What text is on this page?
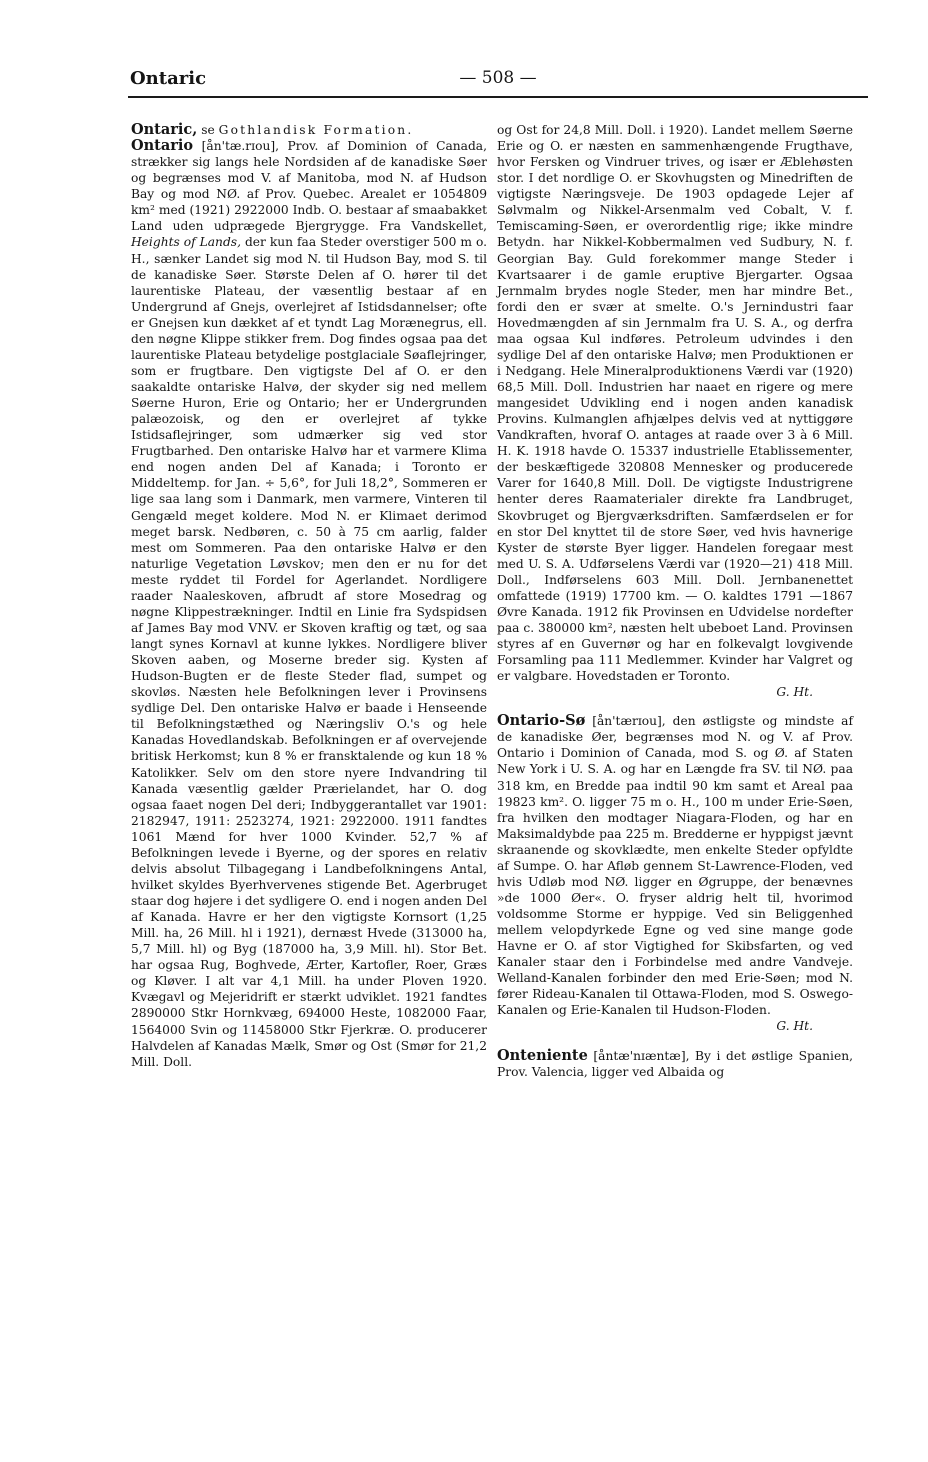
Ontaric	— 508 —

Ontaric, se Gothlandisk Formation.

Ontario [ån'tæ.rɪou], Prov. af Dominion of Canada, strækker sig langs hele Nordsiden af de kanadiske Søer og begrænses mod V. af Manitoba, mod N. af Hudson Bay og mod NØ. af Prov. Quebec. Arealet er 1054809 km² med (1921) 2922000 Indb. O. bestaar af smaabakket Land uden udprægede Bjergrygge. Fra Vandskellet, Heights of Lands, der kun faa Steder overstiger 500 m o. H., sænker Landet sig mod N. til Hudson Bay, mod S. til de kanadiske Søer. Største Delen af O. hører til det laurentiske Plateau, der væsentlig bestaar af en Undergrund af Gnejs, overlejret af Istidsdannelser; ofte er Gnejsen kun dækket af et tyndt Lag Morænegrus, ell. den nøgne Klippe stikker frem. Dog findes ogsaa paa det laurentiske Plateau betydelige postglaciale Søaflejringer, som er frugtbare. Den vigtigste Del af O. er den saakaldte ontariske Halvø, der skyder sig ned mellem Søerne Huron, Erie og Ontario; her er Undergrunden palæozoisk, og den er overlejret af tykke Istidsaflejringer, som udmærker sig ved stor Frugtbarhed. Den ontariske Halvø har et varmere Klima end nogen anden Del af Kanada; i Toronto er Middeltemp. for Jan. ÷ 5,6°, for Juli 18,2°, Sommeren er lige saa lang som i Danmark, men varmere, Vinteren til Gengæld meget koldere. Mod N. er Klimaet derimod meget barsk. Nedbøren, c. 50 à 75 cm aarlig, falder mest om Sommeren. Paa den ontariske Halvø er den naturlige Vegetation Løvskov; men den er nu for det meste ryddet til Fordel for Agerlandet. Nordligere raader Naaleskoven, afbrudt af store Mosedrag og nøgne Klippestrækninger. Indtil en Linie fra Sydspidsen af James Bay mod VNV. er Skoven kraftig og tæt, og saa langt synes Kornavl at kunne lykkes. Nordligere bliver Skoven aaben, og Moserne breder sig. Kysten af Hudson-Bugten er de fleste Steder flad, sumpet og skovløs. Næsten hele Befolkningen lever i Provinsens sydlige Del. Den ontariske Halvø er baade i Henseende til Befolkningstæthed og Næringsliv O.'s og hele Kanadas Hovedlandskab. Befolkningen er af overvejende britisk Herkomst; kun 8 % er fransktalende og kun 18 % Katolikker. Selv om den store nyere Indvandring til Kanada væsentlig gælder Prærielandet, har O. dog ogsaa faaet nogen Del deri; Indbyggerantallet var 1901: 2182947, 1911: 2523274, 1921: 2922000. 1911 fandtes 1061 Mænd for hver 1000 Kvinder. 52,7 % af Befolkningen levede i Byerne, og der spores en relativ delvis absolut Tilbagegang i Landbefolkningens Antal, hvilket skyldes Byerhvervenes stigende Bet. Agerbruget staar dog højere i det sydligere O. end i nogen anden Del af Kanada. Havre er her den vigtigste Kornsort (1,25 Mill. ha, 26 Mill. hl i 1921), dernæst Hvede (313000 ha, 5,7 Mill. hl) og Byg (187000 ha, 3,9 Mill. hl). Stor Bet. har ogsaa Rug, Boghvede, Ærter, Kartofler, Roer, Græs og Kløver. I alt var 4,1 Mill. ha under Ploven 1920. Kvægavl og Mejeridrift er stærkt udviklet. 1921 fandtes 2890000 Stkr Hornkvæg, 694000 Heste, 1082000 Faar, 1564000 Svin og 11458000 Stkr Fjerkræ. O. producerer Halvdelen af Kanadas Mælk, Smør og Ost (Smør for 21,2 Mill. Doll.

og Ost for 24,8 Mill. Doll. i 1920). Landet mellem Søerne Erie og O. er næsten en sammenhængende Frugthave, hvor Fersken og Vindruer trives, og især er Æblehøsten stor. I det nordlige O. er Skovhugsten og Minedriften de vigtigste Næringsveje. De 1903 opdagede Lejer af Sølvmalm og Nikkel-Arsenmalm ved Cobalt, V. f. Temiscaming-Søen, er overordentlig rige; ikke mindre Betydn. har Nikkel-Kobbermalmen ved Sudbury, N. f. Georgian Bay. Guld forekommer mange Steder i Kvartsaarer i de gamle eruptive Bjergarter. Ogsaa Jernmalm brydes nogle Steder, men har mindre Bet., fordi den er svær at smelte. O.'s Jernindustri faar Hovedmængden af sin Jernmalm fra U. S. A., og derfra maa ogsaa Kul indføres. Petroleum udvindes i den sydlige Del af den ontariske Halvø; men Produktionen er i Nedgang. Hele Mineralproduktionens Værdi var (1920) 68,5 Mill. Doll. Industrien har naaet en rigere og mere mangesidet Udvikling end i nogen anden kanadisk Provins. Kulmanglen afhjælpes delvis ved at nyttiggøre Vandkraften, hvoraf O. antages at raade over 3 à 6 Mill. H. K. 1918 havde O. 15337 industrielle Etablissementer, der beskæftigede 320808 Mennesker og producerede Varer for 1640,8 Mill. Doll. De vigtigste Industrigrene henter deres Raamaterialer direkte fra Landbruget, Skovbruget og Bjergværksdriften. Samfærdselen er for en stor Del knyttet til de store Søer, ved hvis havnerige Kyster de største Byer ligger. Handelen foregaar mest med U. S. A. Udførselens Værdi var (1920—21) 418 Mill. Doll., Indførselens 603 Mill. Doll. Jernbanenettet omfattede (1919) 17700 km. — O. kaldtes 1791 —1867 Øvre Kanada. 1912 fik Provinsen en Udvidelse nordefter paa c. 380000 km², næsten helt ubeboet Land. Provinsen styres af en Guvernør og har en folkevalgt lovgivende Forsamling paa 111 Medlemmer. Kvinder har Valgret og er valgbare. Hovedstaden er Toronto.

G. Ht.

Ontario-Sø [ån'tærɪou], den østligste og mindste af de kanadiske Øer, begrænses mod N. og V. af Prov. Ontario i Dominion of Canada, mod S. og Ø. af Staten New York i U. S. A. og har en Længde fra SV. til NØ. paa 318 km, en Bredde paa indtil 90 km samt et Areal paa 19823 km². O. ligger 75 m o. H., 100 m under Erie-Søen, fra hvilken den modtager Niagara-Floden, og har en Maksimaldybde paa 225 m. Bredderne er hyppigst jævnt skraanende og skovklædte, men enkelte Steder opfyldte af Sumpe. O. har Afløb gennem St-Lawrence-Floden, ved hvis Udløb mod NØ. ligger en Øgruppe, der benævnes »de 1000 Øer«. O. fryser aldrig helt til, hvorimod voldsomme Storme er hyppige. Ved sin Beliggenhed mellem velopdyrkede Egne og ved sine mange gode Havne er O. af stor Vigtighed for Skibsfarten, og ved Kanaler staar den i Forbindelse med andre Vandveje. Welland-Kanalen forbinder den med Erie-Søen; mod N. fører Rideau-Kanalen til Ottawa-Floden, mod S. Oswego-Kanalen og Erie-Kanalen til Hudson-Floden.

G. Ht.

Onteniente [åntæ'nɪæntæ], By i det østlige Spanien, Prov. Valencia, ligger ved Albaida og
